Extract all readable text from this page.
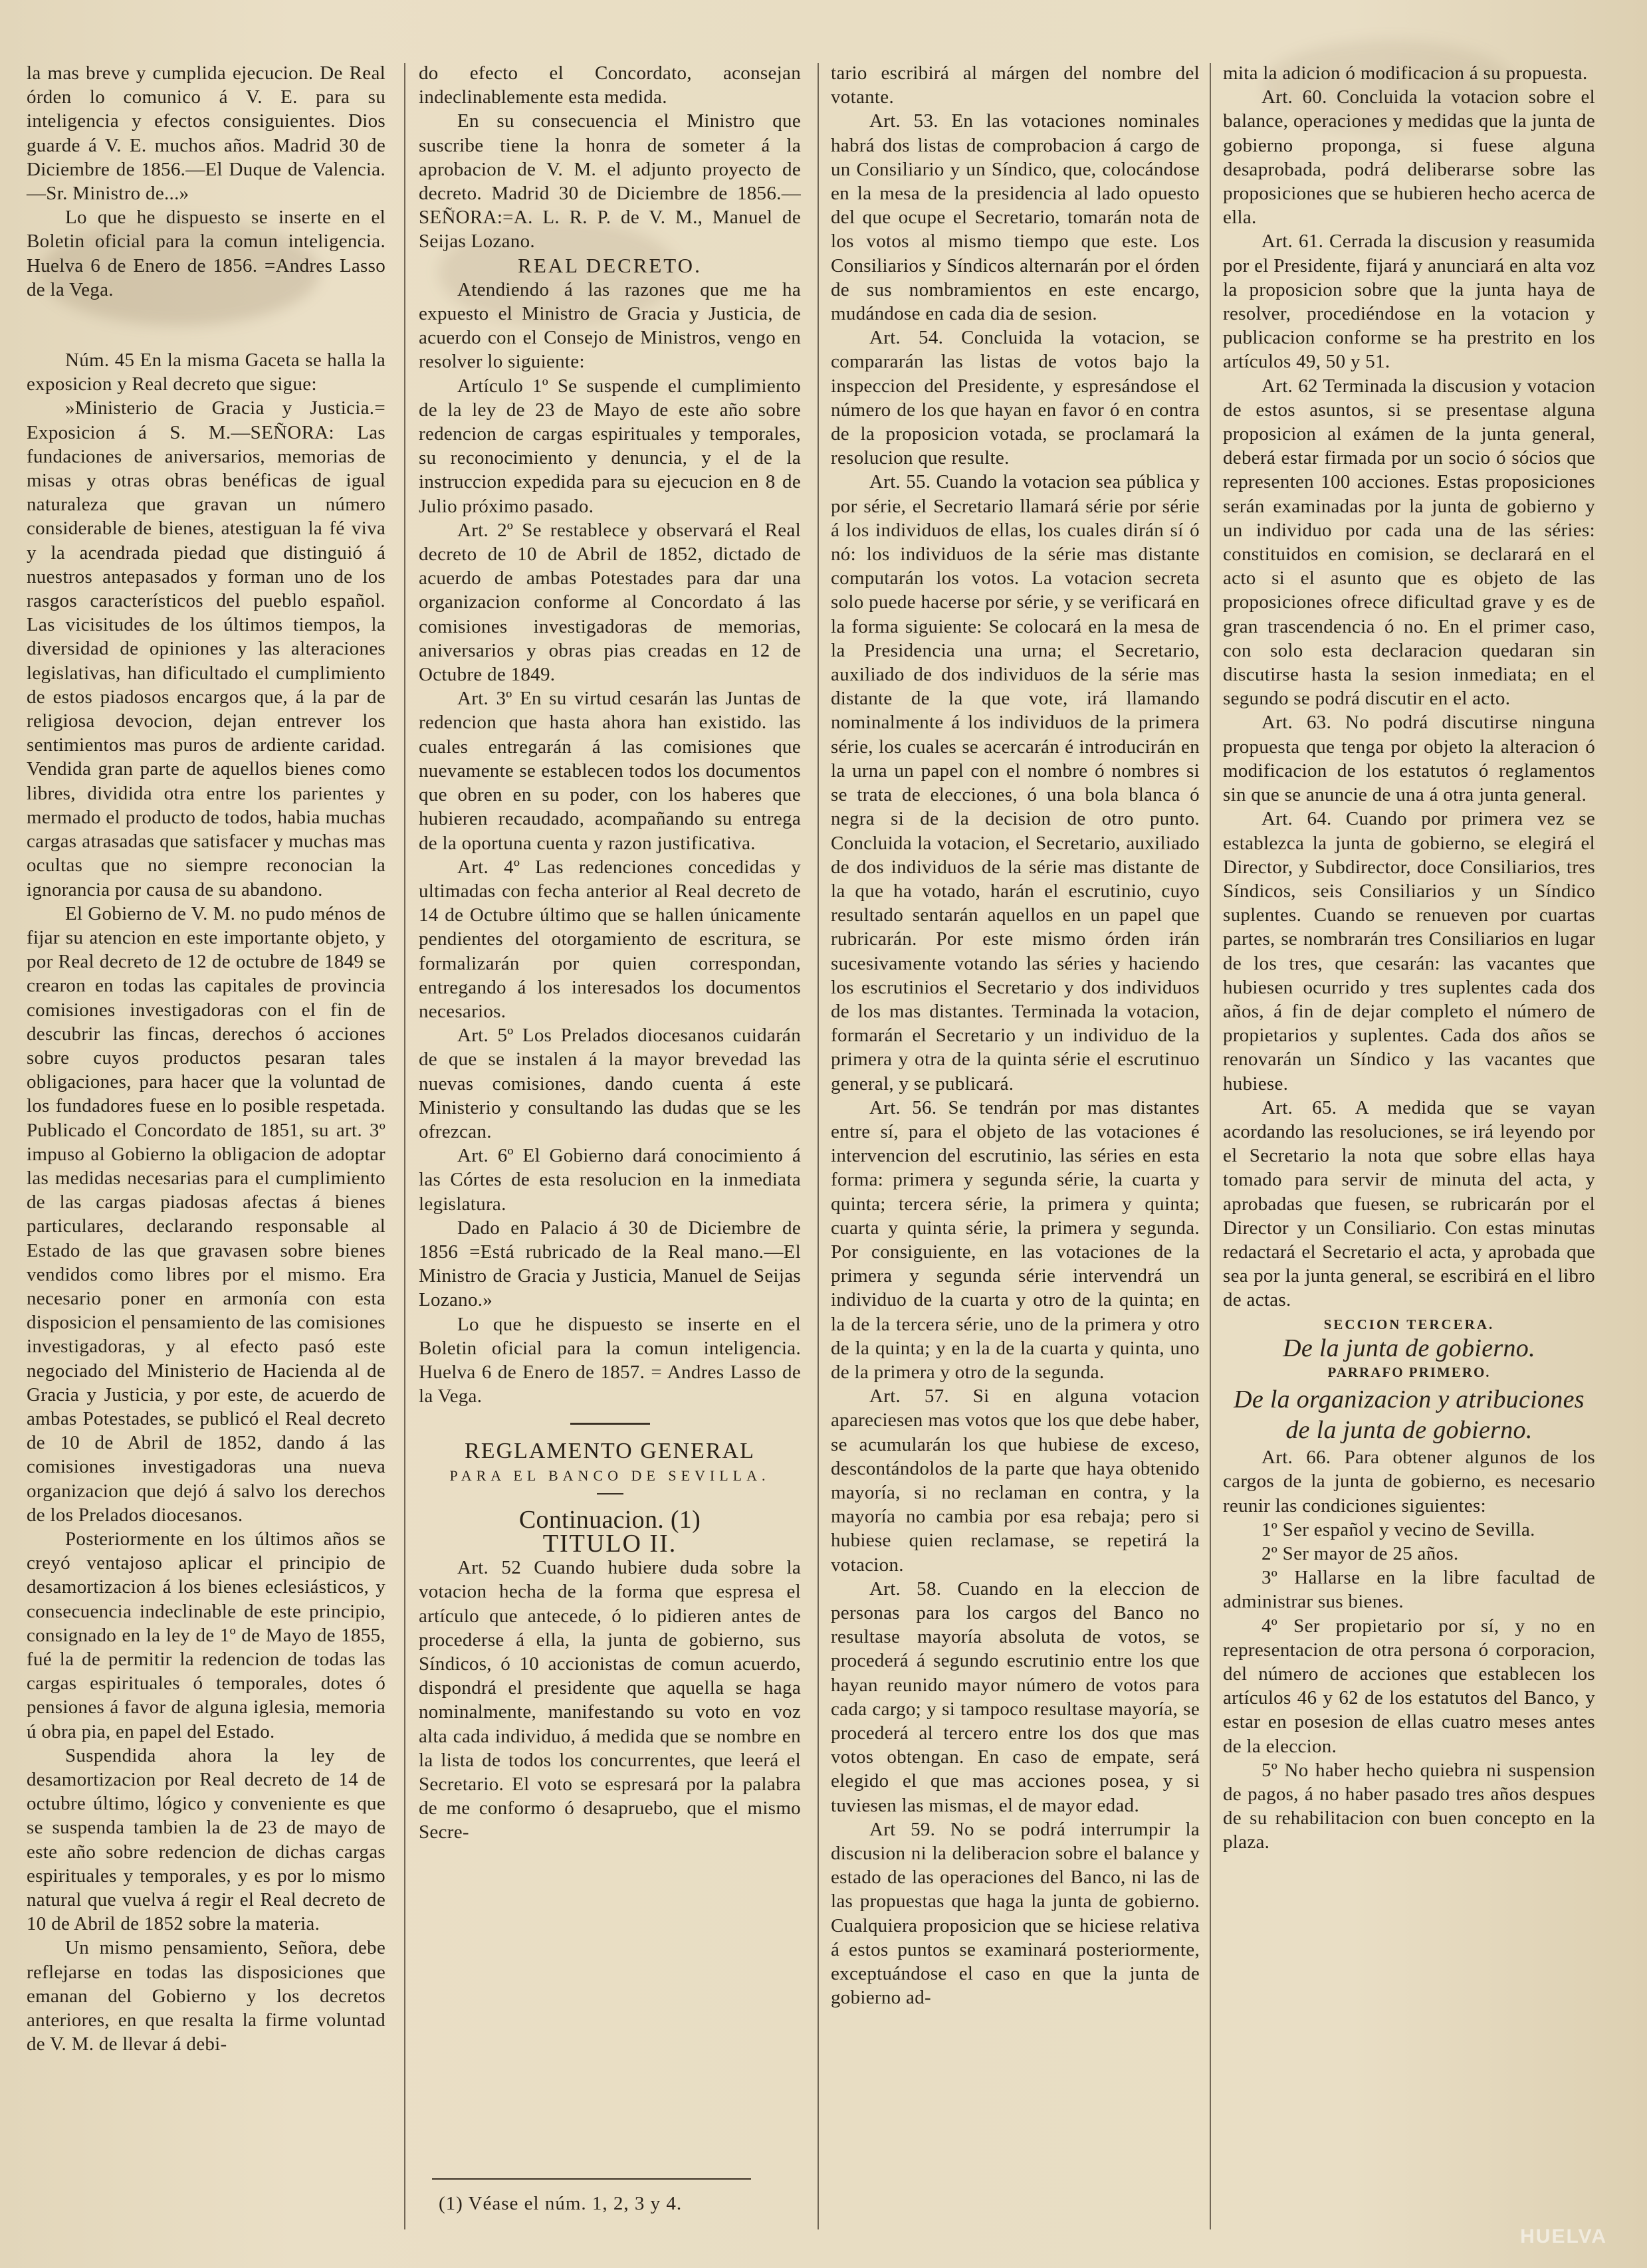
la mas breve y cumplida ejecucion. De Real órden lo comunico á V. E. para su inteligencia y efectos consiguientes. Dios guarde á V. E. muchos años. Madrid 30 de Diciembre de 1856.—El Duque de Valencia.—Sr. Ministro de...»

Lo que he dispuesto se inserte en el Boletin oficial para la comun inteligencia. Huelva 6 de Enero de 1856. =Andres Lasso de la Vega.

Núm. 45 En la misma Gaceta se halla la exposicion y Real decreto que sigue:

»Ministerio de Gracia y Justicia.= Exposicion á S. M.—SEÑORA: Las fundaciones de aniversarios, memorias de misas y otras obras benéficas de igual naturaleza que gravan un número considerable de bienes, atestiguan la fé viva y la acendrada piedad que distinguió á nuestros antepasados y forman uno de los rasgos característicos del pueblo español. Las vicisitudes de los últimos tiempos, la diversidad de opiniones y las alteraciones legislativas, han dificultado el cumplimiento de estos piadosos encargos que, á la par de religiosa devocion, dejan entrever los sentimientos mas puros de ardiente caridad. Vendida gran parte de aquellos bienes como libres, dividida otra entre los parientes y mermado el producto de todos, habia muchas cargas atrasadas que satisfacer y muchas mas ocultas que no siempre reconocian la ignorancia por causa de su abandono.

El Gobierno de V. M. no pudo ménos de fijar su atencion en este importante objeto, y por Real decreto de 12 de octubre de 1849 se crearon en todas las capitales de provincia comisiones investigadoras con el fin de descubrir las fincas, derechos ó acciones sobre cuyos productos pesaran tales obligaciones, para hacer que la voluntad de los fundadores fuese en lo posible respetada. Publicado el Concordato de 1851, su art. 3º impuso al Gobierno la obligacion de adoptar las medidas necesarias para el cumplimiento de las cargas piadosas afectas á bienes particulares, declarando responsable al Estado de las que gravasen sobre bienes vendidos como libres por el mismo. Era necesario poner en armonía con esta disposicion el pensamiento de las comisiones investigadoras, y al efecto pasó este negociado del Ministerio de Hacienda al de Gracia y Justicia, y por este, de acuerdo de ambas Potestades, se publicó el Real decreto de 10 de Abril de 1852, dando á las comisiones investigadoras una nueva organizacion que dejó á salvo los derechos de los Prelados diocesanos.

Posteriormente en los últimos años se creyó ventajoso aplicar el principio de desamortizacion á los bienes eclesiásticos, y consecuencia indeclinable de este principio, consignado en la ley de 1º de Mayo de 1855, fué la de permitir la redencion de todas las cargas espirituales ó temporales, dotes ó pensiones á favor de alguna iglesia, memoria ú obra pia, en papel del Estado.

Suspendida ahora la ley de desamortizacion por Real decreto de 14 de octubre último, lógico y conveniente es que se suspenda tambien la de 23 de mayo de este año sobre redencion de dichas cargas espirituales y temporales, y es por lo mismo natural que vuelva á regir el Real decreto de 10 de Abril de 1852 sobre la materia.

Un mismo pensamiento, Señora, debe reflejarse en todas las disposiciones que emanan del Gobierno y los decretos anteriores, en que resalta la firme voluntad de V. M. de llevar á debi-

do efecto el Concordato, aconsejan indeclinablemente esta medida.

En su consecuencia el Ministro que suscribe tiene la honra de someter á la aprobacion de V. M. el adjunto proyecto de decreto. Madrid 30 de Diciembre de 1856.—SEÑORA:=A. L. R. P. de V. M., Manuel de Seijas Lozano.

REAL DECRETO.

Atendiendo á las razones que me ha expuesto el Ministro de Gracia y Justicia, de acuerdo con el Consejo de Ministros, vengo en resolver lo siguiente:

Artículo 1º Se suspende el cumplimiento de la ley de 23 de Mayo de este año sobre redencion de cargas espirituales y temporales, su reconocimiento y denuncia, y el de la instruccion expedida para su ejecucion en 8 de Julio próximo pasado.

Art. 2º Se restablece y observará el Real decreto de 10 de Abril de 1852, dictado de acuerdo de ambas Potestades para dar una organizacion conforme al Concordato á las comisiones investigadoras de memorias, aniversarios y obras pias creadas en 12 de Octubre de 1849.

Art. 3º En su virtud cesarán las Juntas de redencion que hasta ahora han existido. las cuales entregarán á las comisiones que nuevamente se establecen todos los documentos que obren en su poder, con los haberes que hubieren recaudado, acompañando su entrega de la oportuna cuenta y razon justificativa.

Art. 4º Las redenciones concedidas y ultimadas con fecha anterior al Real decreto de 14 de Octubre último que se hallen únicamente pendientes del otorgamiento de escritura, se formalizarán por quien correspondan, entregando á los interesados los documentos necesarios.

Art. 5º Los Prelados diocesanos cuidarán de que se instalen á la mayor brevedad las nuevas comisiones, dando cuenta á este Ministerio y consultando las dudas que se les ofrezcan.

Art. 6º El Gobierno dará conocimiento á las Córtes de esta resolucion en la inmediata legislatura.

Dado en Palacio á 30 de Diciembre de 1856 =Está rubricado de la Real mano.—El Ministro de Gracia y Justicia, Manuel de Seijas Lozano.»

Lo que he dispuesto se inserte en el Boletin oficial para la comun inteligencia. Huelva 6 de Enero de 1857. = Andres Lasso de la Vega.

REGLAMENTO GENERAL

PARA EL BANCO DE SEVILLA.

Continuacion. (1)

TITULO II.

Art. 52 Cuando hubiere duda sobre la votacion hecha de la forma que espresa el artículo que antecede, ó lo pidieren antes de procederse á ella, la junta de gobierno, sus Síndicos, ó 10 accionistas de comun acuerdo, dispondrá el presidente que aquella se haga nominalmente, manifestando su voto en voz alta cada individuo, á medida que se nombre en la lista de todos los concurrentes, que leerá el Secretario. El voto se espresará por la palabra de me conformo ó desapruebo, que el mismo Secre-

tario escribirá al márgen del nombre del votante.

Art. 53. En las votaciones nominales habrá dos listas de comprobacion á cargo de un Consiliario y un Síndico, que, colocándose en la mesa de la presidencia al lado opuesto del que ocupe el Secretario, tomarán nota de los votos al mismo tiempo que este. Los Consiliarios y Síndicos alternarán por el órden de sus nombramientos en este encargo, mudándose en cada dia de sesion.

Art. 54. Concluida la votacion, se compararán las listas de votos bajo la inspeccion del Presidente, y espresándose el número de los que hayan en favor ó en contra de la proposicion votada, se proclamará la resolucion que resulte.

Art. 55. Cuando la votacion sea pública y por série, el Secretario llamará série por série á los individuos de ellas, los cuales dirán sí ó nó: los individuos de la série mas distante computarán los votos. La votacion secreta solo puede hacerse por série, y se verificará en la forma siguiente: Se colocará en la mesa de la Presidencia una urna; el Secretario, auxiliado de dos individuos de la série mas distante de la que vote, irá llamando nominalmente á los individuos de la primera série, los cuales se acercarán é introducirán en la urna un papel con el nombre ó nombres si se trata de elecciones, ó una bola blanca ó negra si de la decision de otro punto. Concluida la votacion, el Secretario, auxiliado de dos individuos de la série mas distante de la que ha votado, harán el escrutinio, cuyo resultado sentarán aquellos en un papel que rubricarán. Por este mismo órden irán sucesivamente votando las séries y haciendo los escrutinios el Secretario y dos individuos de los mas distantes. Terminada la votacion, formarán el Secretario y un individuo de la primera y otra de la quinta série el escrutinuo general, y se publicará.

Art. 56. Se tendrán por mas distantes entre sí, para el objeto de las votaciones é intervencion del escrutinio, las séries en esta forma: primera y segunda série, la cuarta y quinta; tercera série, la primera y quinta; cuarta y quinta série, la primera y segunda. Por consiguiente, en las votaciones de la primera y segunda série intervendrá un individuo de la cuarta y otro de la quinta; en la de la tercera série, uno de la primera y otro de la quinta; y en la de la cuarta y quinta, uno de la primera y otro de la segunda.

Art. 57. Si en alguna votacion apareciesen mas votos que los que debe haber, se acumularán los que hubiese de exceso, descontándolos de la parte que haya obtenido mayoría, si no reclaman en contra, y la mayoría no cambia por esa rebaja; pero si hubiese quien reclamase, se repetirá la votacion.

Art. 58. Cuando en la eleccion de personas para los cargos del Banco no resultase mayoría absoluta de votos, se procederá á segundo escrutinio entre los que hayan reunido mayor número de votos para cada cargo; y si tampoco resultase mayoría, se procederá al tercero entre los dos que mas votos obtengan. En caso de empate, será elegido el que mas acciones posea, y si tuviesen las mismas, el de mayor edad.

Art 59. No se podrá interrumpir la discusion ni la deliberacion sobre el balance y estado de las operaciones del Banco, ni las de las propuestas que haga la junta de gobierno. Cualquiera proposicion que se hiciese relativa á estos puntos se examinará posteriormente, exceptuándose el caso en que la junta de gobierno ad-

mita la adicion ó modificacion á su propuesta.

Art. 60. Concluida la votacion sobre el balance, operaciones y medidas que la junta de gobierno proponga, si fuese alguna desaprobada, podrá deliberarse sobre las proposiciones que se hubieren hecho acerca de ella.

Art. 61. Cerrada la discusion y reasumida por el Presidente, fijará y anunciará en alta voz la proposicion sobre que la junta haya de resolver, procediéndose en la votacion y publicacion conforme se ha prestrito en los artículos 49, 50 y 51.

Art. 62 Terminada la discusion y votacion de estos asuntos, si se presentase alguna proposicion al exámen de la junta general, deberá estar firmada por un socio ó sócios que representen 100 acciones. Estas proposiciones serán examinadas por la junta de gobierno y un individuo por cada una de las séries: constituidos en comision, se declarará en el acto si el asunto que es objeto de las proposiciones ofrece dificultad grave y es de gran trascendencia ó no. En el primer caso, con solo esta declaracion quedaran sin discutirse hasta la sesion inmediata; en el segundo se podrá discutir en el acto.

Art. 63. No podrá discutirse ninguna propuesta que tenga por objeto la alteracion ó modificacion de los estatutos ó reglamentos sin que se anuncie de una á otra junta general.

Art. 64. Cuando por primera vez se establezca la junta de gobierno, se elegirá el Director, y Subdirector, doce Consiliarios, tres Síndicos, seis Consiliarios y un Síndico suplentes. Cuando se renueven por cuartas partes, se nombrarán tres Consiliarios en lugar de los tres, que cesarán: las vacantes que hubiesen ocurrido y tres suplentes cada dos años, á fin de dejar completo el número de propietarios y suplentes. Cada dos años se renovarán un Síndico y las vacantes que hubiese.

Art. 65. A medida que se vayan acordando las resoluciones, se irá leyendo por el Secretario la nota que sobre ellas haya tomado para servir de minuta del acta, y aprobadas que fuesen, se rubricarán por el Director y un Consiliario. Con estas minutas redactará el Secretario el acta, y aprobada que sea por la junta general, se escribirá en el libro de actas.

SECCION TERCERA.

De la junta de gobierno.

PARRAFO PRIMERO.

De la organizacion y atribuciones de la junta de gobierno.

Art. 66. Para obtener algunos de los cargos de la junta de gobierno, es necesario reunir las condiciones siguientes:

1º Ser español y vecino de Sevilla.

2º Ser mayor de 25 años.

3º Hallarse en la libre facultad de administrar sus bienes.

4º Ser propietario por sí, y no en representacion de otra persona ó corporacion, del número de acciones que establecen los artículos 46 y 62 de los estatutos del Banco, y estar en posesion de ellas cuatro meses antes de la eleccion.

5º No haber hecho quiebra ni suspension de pagos, á no haber pasado tres años despues de su rehabilitacion con buen concepto en la plaza.

(1) Véase el núm. 1, 2, 3 y 4.
HUELVA
